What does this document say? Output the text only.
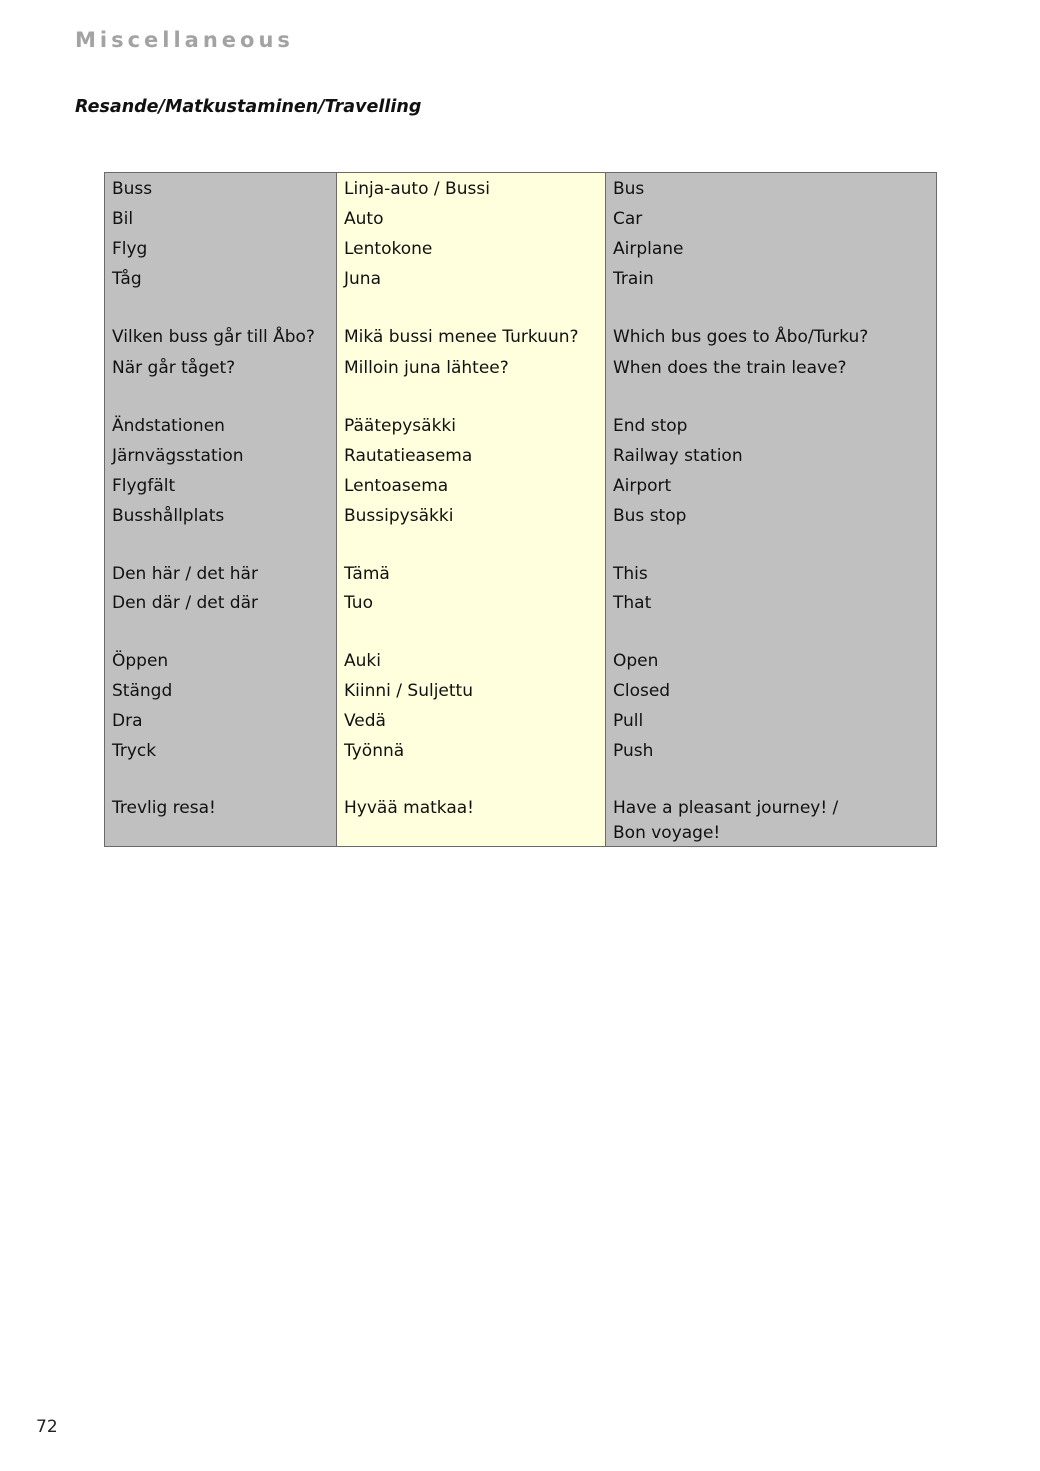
Miscellaneous
Resande/Matkustaminen/Travelling
Buss
Bil
Flyg
Tåg
Vilken buss går till Åbo?
När går tåget?
Ändstationen
Järnvägsstation
Flygfält
Busshållplats
Den här / det här
Den där / det där
Öppen
Stängd
Dra
Tryck
Trevlig resa!
Linja-auto / Bussi
Auto
Lentokone
Juna
Mikä bussi menee Turkuun?
Milloin juna lähtee?
Päätepysäkki
Rautatieasema
Lentoasema
Bussipysäkki
Tämä
Tuo
Auki
Kiinni / Suljettu
Vedä
Työnnä
Hyvää matkaa!
Bus
Car
Airplane
Train
Which bus goes to Åbo/Turku?
When does the train leave?
End stop
Railway station
Airport
Bus stop
This
That
Open
Closed
Pull
Push
Have a pleasant journey! /
Bon voyage!
72
